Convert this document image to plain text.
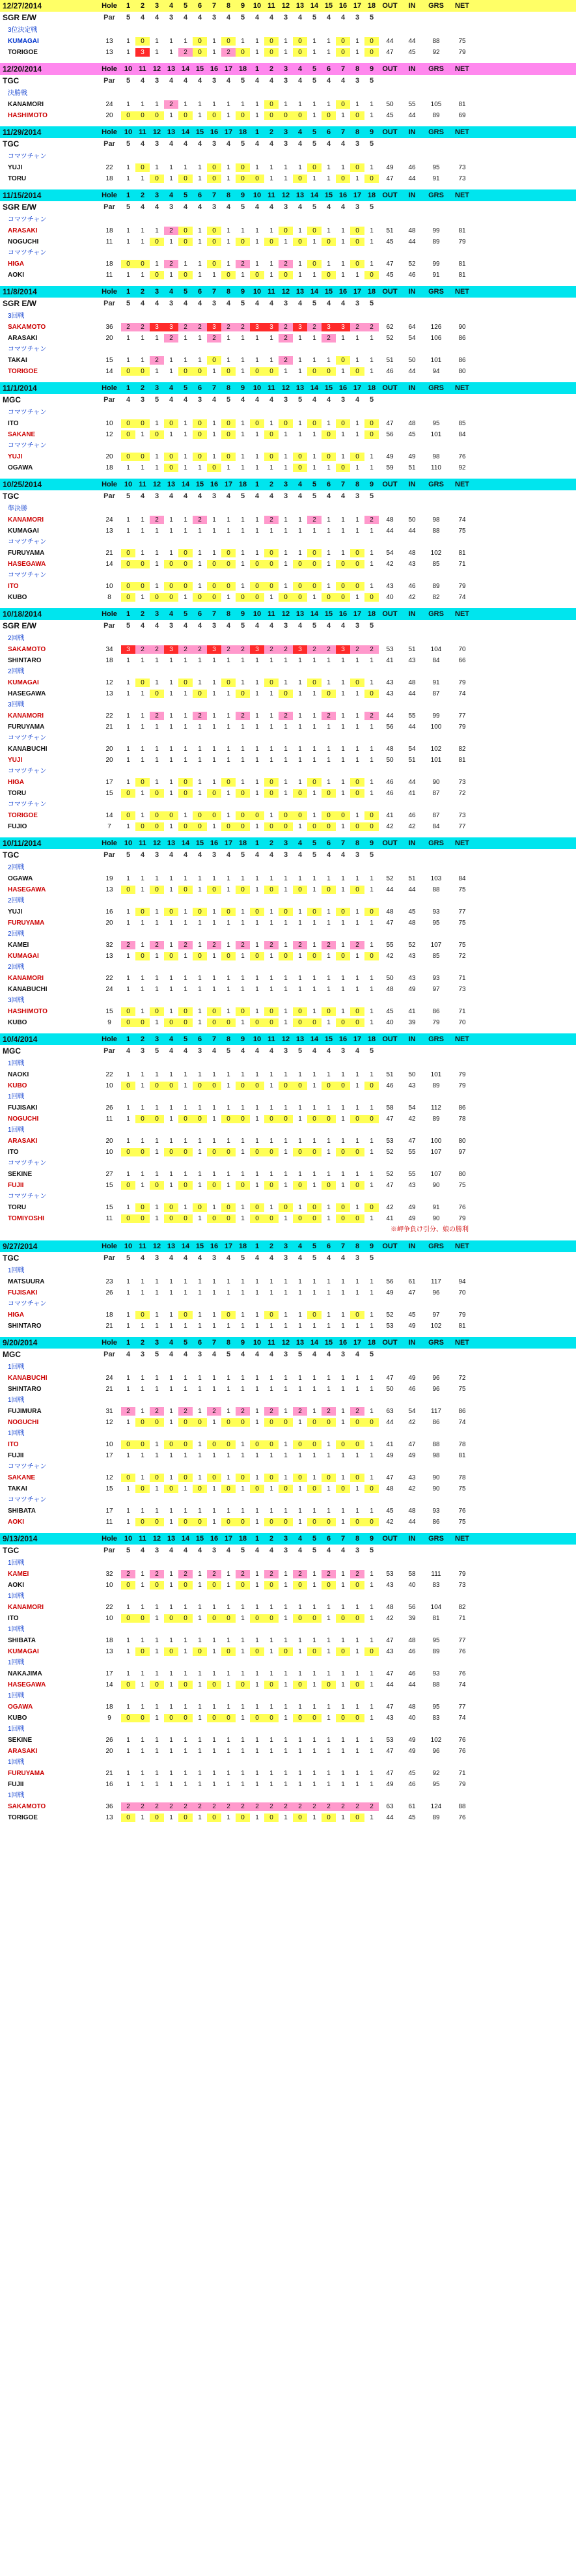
12/27/2014	Hole	1	2	3	4	5	6	7	8	9	10 11 12 13 14 15 16 17 18 OUT	IN	GRS	NET
SGR E/W	Par	5	4	4	3	4	4	3	4	5	4	4	3	4	5	4	4	3	5
3位決定戦
KUMAGAI	13	1	0	1	1	1	0	1	0	1	1	0	1	0	1	1	0	1	0	44	44	88	75
TORIGOE	13	1	3	1	1	2	0	1	2	0	1	0	1	0	1	1	0	1	0	47	45	92	79
12/20/2014	Hole 10 11 12 13 14 15 16 17 18	1	2	3	4	5	6	7	8	9	OUT	IN	GRS	NET
TGC	Par	5	4	3	4	4	4	3	4	5	4	4	3	4	5	4	4	3	5
決勝戦
KANAMORI	24	1	1	1	2	1	1	1	1	1	1	0	1	1	1	1	0	1	1	50	55	105	81
HASHIMOTO	20	0	0	0	1	0	1	0	1	0	1	0	0	0	1	0	1	0	1	45	44	89	69
11/29/2014	Hole 10 11 12 13 14 15 16 17 18	1	2	3	4	5	6	7	8	9	OUT	IN	GRS	NET
TGC	Par	5	4	3	4	4	4	3	4	5	4	4	3	4	5	4	4	3	5
コマツチャン
YUJI	22	1	0	1	1	1	1	0	1	0	1	1	1	1	0	1	1	0	1	49	46	95	73
TORU	18	1	1	0	1	0	1	0	1	0	0	1	1	0	1	1	0	1	0	47	44	91	73
11/15/2014	Hole	1	2	3	4	5	6	7	8	9	10 11 12 13 14 15 16 17 18 OUT	IN	GRS	NET
SGR E/W	Par	5	4	4	3	4	4	3	4	5	4	4	3	4	5	4	4	3	5
コマツチャン
ARASAKI	18	1	1	1	2	0	1	0	1	1	1	1	0	1	0	1	1	0	1	51	48	99	81
NOGUCHI	11	1	1	0	1	0	1	0	1	0	1	0	1	0	1	0	1	0	1	45	44	89	79
コマツチャン
HIGA	18	0	0	1	2	1	1	0	1	2	1	1	2	1	0	1	1	0	1	47	52	99	81
AOKI	11	1	1	0	1	0	1	1	0	1	0	1	0	1	1	0	1	1	0	45	46	91	81
11/8/2014	Hole	1	2	3	4	5	6	7	8	9	10 11 12 13 14 15 16 17 18 OUT	IN	GRS	NET
SGR E/W	Par	5	4	4	3	4	4	3	4	5	4	4	3	4	5	4	4	3	5
3回戦
SAKAMOTO	36	2	2	3	3	2	2	3	2	2	3	3	2	3	2	3	3	2	2	62	64	126	90
ARASAKI	20	1	1	1	2	1	1	2	1	1	1	1	2	1	1	2	1	1	1	52	54	106	86
コマツチャン
TAKAI	15	1	1	2	1	1	1	0	1	1	1	1	2	1	1	1	0	1	1	51	50	101	86
TORIGOE	14	0	0	1	1	0	0	1	0	1	0	0	1	1	0	0	1	0	1	46	44	94	80
11/1/2014	Hole	1	2	3	4	5	6	7	8	9	10 11 12 13 14 15 16 17 18 OUT	IN	GRS	NET
MGC	Par	4	3	5	4	4	3	4	5	4	4	4	3	5	4	4	3	4	5
コマツチャン
ITO	10	0	0	1	0	1	0	1	0	1	0	1	0	1	0	1	0	1	0	47	48	95	85
SAKANE	12	0	1	0	1	1	0	1	0	1	1	0	1	1	1	0	1	1	0	56	45	101	84
コマツチャン
YUJI	20	0	0	1	0	1	0	1	0	1	1	0	1	0	1	0	1	0	1	49	49	98	76
OGAWA	18	1	1	1	0	1	1	0	1	1	1	1	1	0	1	1	0	1	1	59	51	110	92
10/25/2014	Hole 10 11 12 13 14 15 16 17 18	1	2	3	4	5	6	7	8	9	OUT	IN	GRS	NET
TGC	Par	5	4	3	4	4	4	3	4	5	4	4	3	4	5	4	4	3	5
準決勝
KANAMORI	24	1	1	2	1	1	2	1	1	1	1	2	1	1	2	1	1	1	2	48	50	98	74
KUMAGAI	13	1	1	1	1	1	1	1	1	1	1	1	1	1	1	1	1	1	1	44	44	88	75
コマツチャン
FURUYAMA	21	0	1	1	1	0	1	1	0	1	1	0	1	1	0	1	1	0	1	54	48	102	81
HASEGAWA	14	0	0	1	0	0	1	0	0	1	0	0	1	0	0	1	0	0	1	42	43	85	71
コマツチャン
ITO	10	0	0	1	0	0	1	0	0	1	0	0	1	0	0	1	0	0	1	43	46	89	79
KUBO	8	0	1	0	0	1	0	0	1	0	0	1	0	0	1	0	0	1	0	40	42	82	74
10/18/2014	Hole	1	2	3	4	5	6	7	8	9	10 11 12 13 14 15 16 17 18 OUT	IN	GRS	NET
SGR E/W	Par	5	4	4	3	4	4	3	4	5	4	4	3	4	5	4	4	3	5
2回戦
SAKAMOTO	34	3	2	2	3	2	2	3	2	2	3	2	2	3	2	2	3	2	2	53	51	104	70
SHINTARO	18	1	1	1	1	1	1	1	1	1	1	1	1	1	1	1	1	1	1	41	43	84	66
2回戦
KUMAGAI	12	1	0	1	1	0	1	1	0	1	1	0	1	1	0	1	1	0	1	43	48	91	79
HASEGAWA	13	1	1	0	1	1	0	1	1	0	1	1	0	1	1	0	1	1	0	43	44	87	74
3回戦
KANAMORI	22	1	1	2	1	1	2	1	1	2	1	1	2	1	1	2	1	1	2	44	55	99	77
FURUYAMA	21	1	1	1	1	1	1	1	1	1	1	1	1	1	1	1	1	1	1	56	44	100	79
コマツチャン
KANABUCHI	20	1	1	1	1	1	1	1	1	1	1	1	1	1	1	1	1	1	1	48	54	102	82
YUJI	20	1	1	1	1	1	1	1	1	1	1	1	1	1	1	1	1	1	1	50	51	101	81
コマツチャン
HIGA	17	1	0	1	1	0	1	1	0	1	1	0	1	1	0	1	1	0	1	46	44	90	73
TORU	15	0	1	0	1	0	1	0	1	0	1	0	1	0	1	0	1	0	1	46	41	87	72
コマツチャン
TORIGOE	14	0	1	0	0	1	0	0	1	0	0	1	0	0	1	0	0	1	0	41	46	87	73
FUJIO	7	1	0	0	1	0	0	1	0	0	1	0	0	1	0	0	1	0	0	42	42	84	77
10/11/2014	Hole 10 11 12 13 14 15 16 17 18	1	2	3	4	5	6	7	8	9	OUT	IN	GRS	NET
TGC	Par	5	4	3	4	4	4	3	4	5	4	4	3	4	5	4	4	3	5
2回戦
OGAWA	19	1	1	1	1	1	1	1	1	1	1	1	1	1	1	1	1	1	1	52	51	103	84
HASEGAWA	13	0	1	0	1	0	1	0	1	0	1	0	1	0	1	0	1	0	1	44	44	88	75
2回戦
YUJI	16	1	0	1	0	1	0	1	0	1	0	1	0	1	0	1	0	1	0	48	45	93	77
FURUYAMA	20	1	1	1	1	1	1	1	1	1	1	1	1	1	1	1	1	1	1	47	48	95	75
2回戦
KAMEI	32	2	1	2	1	2	1	2	1	2	1	2	1	2	1	2	1	2	1	55	52	107	75
KUMAGAI	13	1	0	1	0	1	0	1	0	1	0	1	0	1	0	1	0	1	0	42	43	85	72
2回戦
KANAMORI	22	1	1	1	1	1	1	1	1	1	1	1	1	1	1	1	1	1	1	50	43	93	71
KANABUCHI	24	1	1	1	1	1	1	1	1	1	1	1	1	1	1	1	1	1	1	48	49	97	73
3回戦
HASHIMOTO	15	0	1	0	1	0	1	0	1	0	1	0	1	0	1	0	1	0	1	45	41	86	71
KUBO	9	0	0	1	0	0	1	0	0	1	0	0	1	0	0	1	0	0	1	40	39	79	70
10/4/2014	Hole	1	2	3	4	5	6	7	8	9	10 11 12 13 14 15 16 17 18 OUT	IN	GRS	NET
MGC	Par	4	3	5	4	4	3	4	5	4	4	4	3	5	4	4	3	4	5
1回戦
NAOKI	22	1	1	1	1	1	1	1	1	1	1	1	1	1	1	1	1	1	1	51	50	101	79
KUBO	10	0	1	0	0	1	0	0	1	0	0	1	0	0	1	0	0	1	0	46	43	89	79
1回戦
FUJISAKI	26	1	1	1	1	1	1	1	1	1	1	1	1	1	1	1	1	1	1	58	54	112	86
NOGUCHI	11	1	0	0	1	0	0	1	0	0	1	0	0	1	0	0	1	0	0	47	42	89	78
1回戦
ARASAKI	20	1	1	1	1	1	1	1	1	1	1	1	1	1	1	1	1	1	1	53	47	100	80
ITO	10	0	0	1	0	0	1	0	0	1	0	0	1	0	0	1	0	0	1	52	55	107	97
コマツチャン
SEKINE	27	1	1	1	1	1	1	1	1	1	1	1	1	1	1	1	1	1	1	52	55	107	80
FUJII	15	0	1	0	1	0	1	0	1	0	1	0	1	0	1	0	1	0	1	47	43	90	75
コマツチャン
TORU	15	1	0	1	0	1	0	1	0	1	0	1	0	1	0	1	0	1	0	42	49	91	76
TOMIYOSHI	11	0	0	1	0	0	1	0	0	1	0	0	1	0	0	1	0	0	1	41	49	90	79
※岬争負け引分、娘の勝利
9/27/2014	Hole 10 11 12 13 14 15 16 17 18	1	2	3	4	5	6	7	8	9	OUT	IN	GRS	NET
TGC	Par	5	4	3	4	4	4	3	4	5	4	4	3	4	5	4	4	3	5
1回戦
MATSUURA	23	1	1	1	1	1	1	1	1	1	1	1	1	1	1	1	1	1	1	56	61	117	94
FUJISAKI	26	1	1	1	1	1	1	1	1	1	1	1	1	1	1	1	1	1	1	49	47	96	70
コマツチャン
HIGA	18	1	0	1	1	0	1	1	0	1	1	0	1	1	0	1	1	0	1	52	45	97	79
SHINTARO	21	1	1	1	1	1	1	1	1	1	1	1	1	1	1	1	1	1	1	53	49	102	81
9/20/2014	Hole	1	2	3	4	5	6	7	8	9	10 11 12 13 14 15 16 17 18 OUT	IN	GRS	NET
MGC	Par	4	3	5	4	4	3	4	5	4	4	4	3	5	4	4	3	4	5
1回戦
KANABUCHI	24	1	1	1	1	1	1	1	1	1	1	1	1	1	1	1	1	1	1	47	49	96	72
SHINTARO	21	1	1	1	1	1	1	1	1	1	1	1	1	1	1	1	1	1	1	50	46	96	75
1回戦
FUJIMURA	31	2	1	2	1	2	1	2	1	2	1	2	1	2	1	2	1	2	1	63	54	117	86
NOGUCHI	12	1	0	0	1	0	0	1	0	0	1	0	0	1	0	0	1	0	0	44	42	86	74
1回戦
ITO	10	0	0	1	0	0	1	0	0	1	0	0	1	0	0	1	0	0	1	41	47	88	78
FUJII	17	1	1	1	1	1	1	1	1	1	1	1	1	1	1	1	1	1	1	49	49	98	81
コマツチャン
SAKANE	12	0	1	0	1	0	1	0	1	0	1	0	1	0	1	0	1	0	1	47	43	90	78
TAKAI	15	1	0	1	0	1	0	1	0	1	0	1	0	1	0	1	0	1	0	48	42	90	75
コマツチャン
SHIBATA	17	1	1	1	1	1	1	1	1	1	1	1	1	1	1	1	1	1	1	45	48	93	76
AOKI	11	1	0	0	1	0	0	1	0	0	1	0	0	1	0	0	1	0	0	42	44	86	75
9/13/2014	Hole 10 11 12 13 14 15 16 17 18	1	2	3	4	5	6	7	8	9	OUT	IN	GRS	NET
TGC	Par	5	4	3	4	4	4	3	4	5	4	4	3	4	5	4	4	3	5
1回戦
KAMEI	32	2	1	2	1	2	1	2	1	2	1	2	1	2	1	2	1	2	1	53	58	111	79
AOKI	10	0	1	0	1	0	1	0	1	0	1	0	1	0	1	0	1	0	1	43	40	83	73
1回戦
KANAMORI	22	1	1	1	1	1	1	1	1	1	1	1	1	1	1	1	1	1	1	48	56	104	82
ITO	10	0	0	1	0	0	1	0	0	1	0	0	1	0	0	1	0	0	1	42	39	81	71
1回戦
SHIBATA	18	1	1	1	1	1	1	1	1	1	1	1	1	1	1	1	1	1	1	47	48	95	77
KUMAGAI	13	1	0	1	0	1	0	1	0	1	0	1	0	1	0	1	0	1	0	43	46	89	76
1回戦
NAKAJIMA	17	1	1	1	1	1	1	1	1	1	1	1	1	1	1	1	1	1	1	47	46	93	76
HASEGAWA	14	0	1	0	1	0	1	0	1	0	1	0	1	0	1	0	1	0	1	44	44	88	74
1回戦
OGAWA	18	1	1	1	1	1	1	1	1	1	1	1	1	1	1	1	1	1	1	47	48	95	77
KUBO	9	0	0	1	0	0	1	0	0	1	0	0	1	0	0	1	0	0	1	43	40	83	74
1回戦
SEKINE	26	1	1	1	1	1	1	1	1	1	1	1	1	1	1	1	1	1	1	53	49	102	76
ARASAKI	20	1	1	1	1	1	1	1	1	1	1	1	1	1	1	1	1	1	1	47	49	96	76
1回戦
FURUYAMA	21	1	1	1	1	1	1	1	1	1	1	1	1	1	1	1	1	1	1	47	45	92	71
FUJII	16	1	1	1	1	1	1	1	1	1	1	1	1	1	1	1	1	1	1	49	46	95	79
1回戦
SAKAMOTO	36	2	2	2	2	2	2	2	2	2	2	2	2	2	2	2	2	2	2	63	61	124	88
TORIGOE	13	0	1	0	1	0	1	0	1	0	1	0	1	0	1	0	1	0	1	44	45	89	76
